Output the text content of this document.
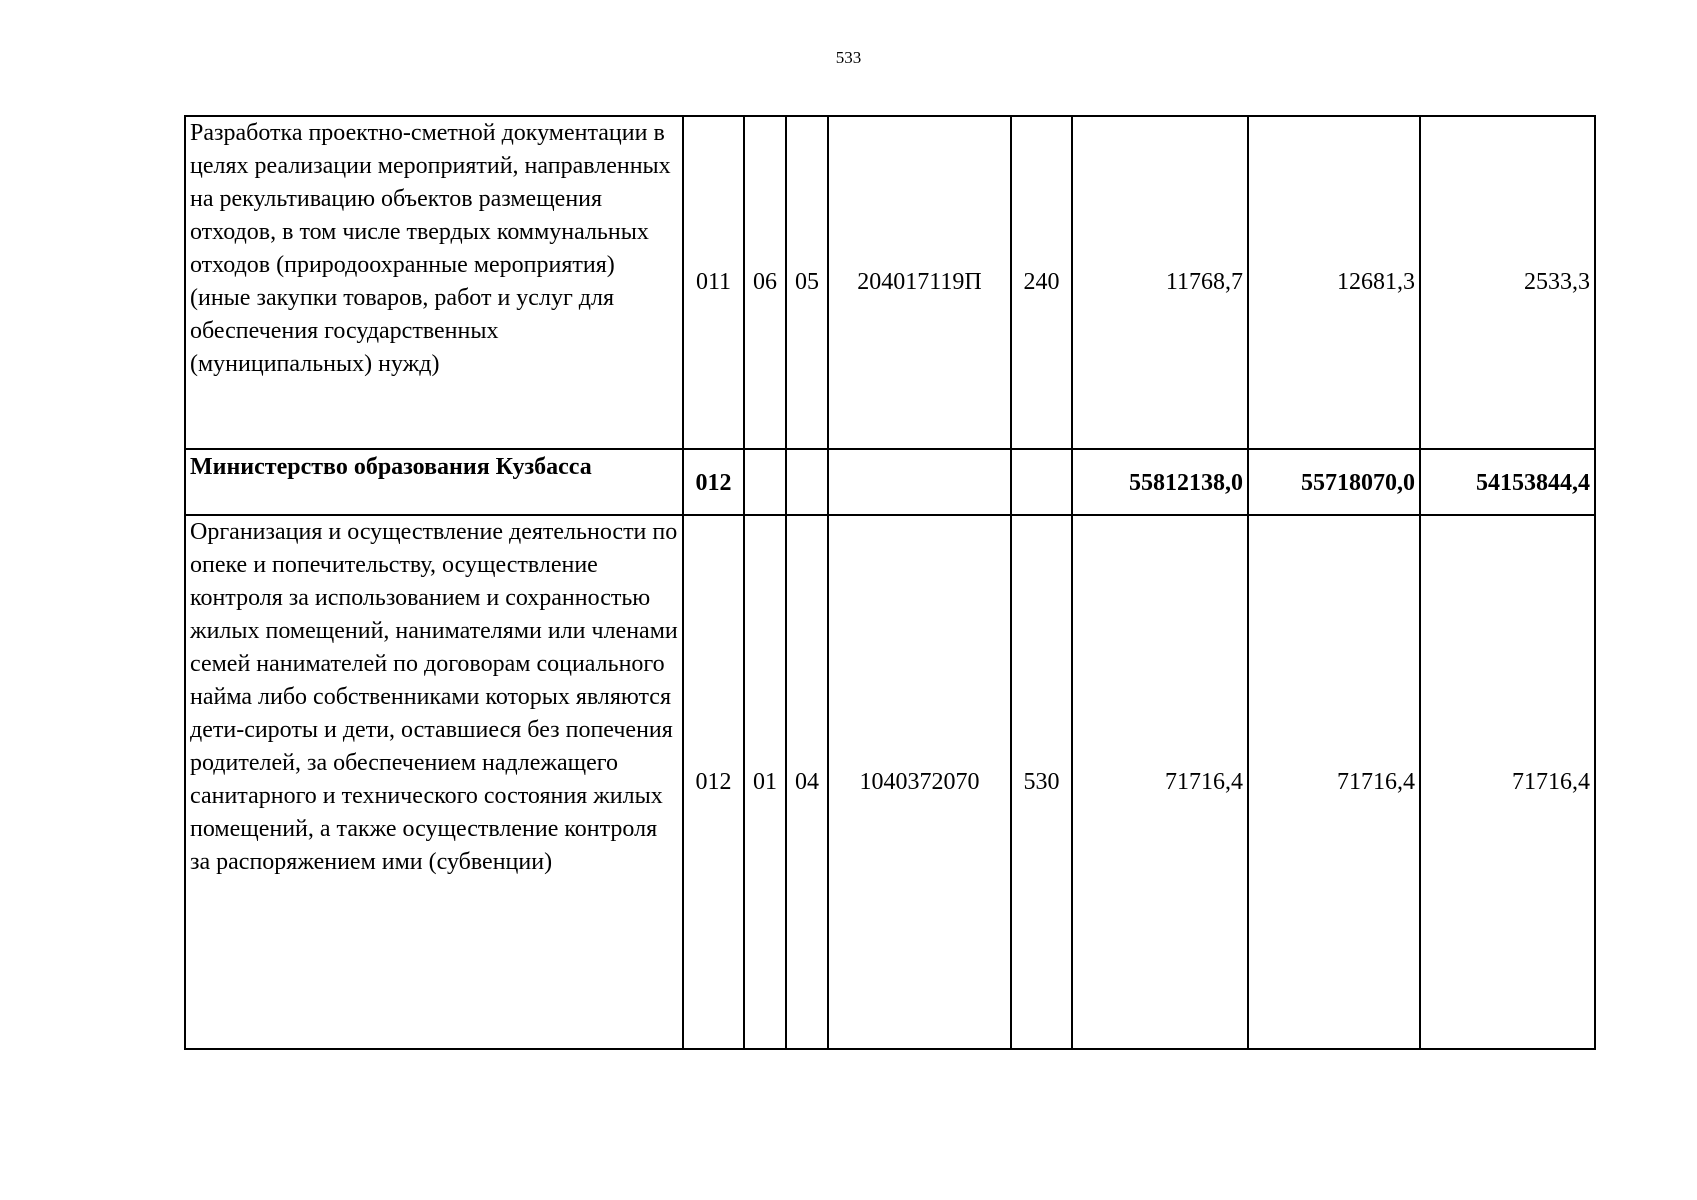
533
Разработка проектно-сметной документации в целях реализации мероприятий, направленных на рекультивацию объектов размещения отходов, в том числе твердых коммунальных отходов (природоохранные мероприятия) (иные закупки товаров, работ и услуг для обеспечения государственных (муниципальных) нужд)	011	06	05	204017119П	240	11768,7	12681,3	2533,3
Министерство образования Кузбасса	012					55812138,0	55718070,0	54153844,4
Организация и осуществление деятельности по опеке и попечительству, осуществление контроля за использованием и сохранностью жилых помещений, нанимателями или членами семей нанимателей по договорам социального найма либо собственниками которых являются дети-сироты и дети, оставшиеся без попечения родителей, за обеспечением надлежащего санитарного и технического состояния жилых помещений, а также осуществление контроля за распоряжением ими (субвенции)	012	01	04	1040372070	530	71716,4	71716,4	71716,4
